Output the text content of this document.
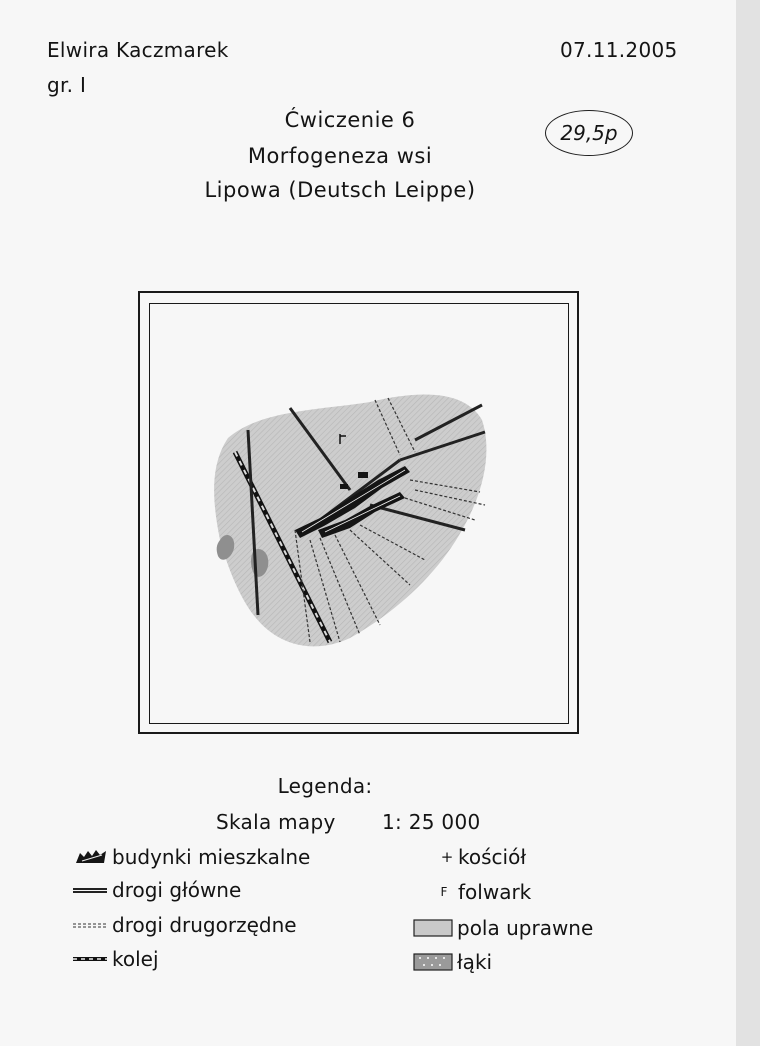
Elwira Kaczmarek
gr. I
07.11.2005
29,5p
Ćwiczenie 6
Morfogeneza wsi
Lipowa (Deutsch Leippe)
Legenda:
Skala mapy 1: 25 000
budynki mieszkalne
drogi główne
drogi drugorzędne
kolej
+ kościół
F folwark
pola uprawne
łąki
